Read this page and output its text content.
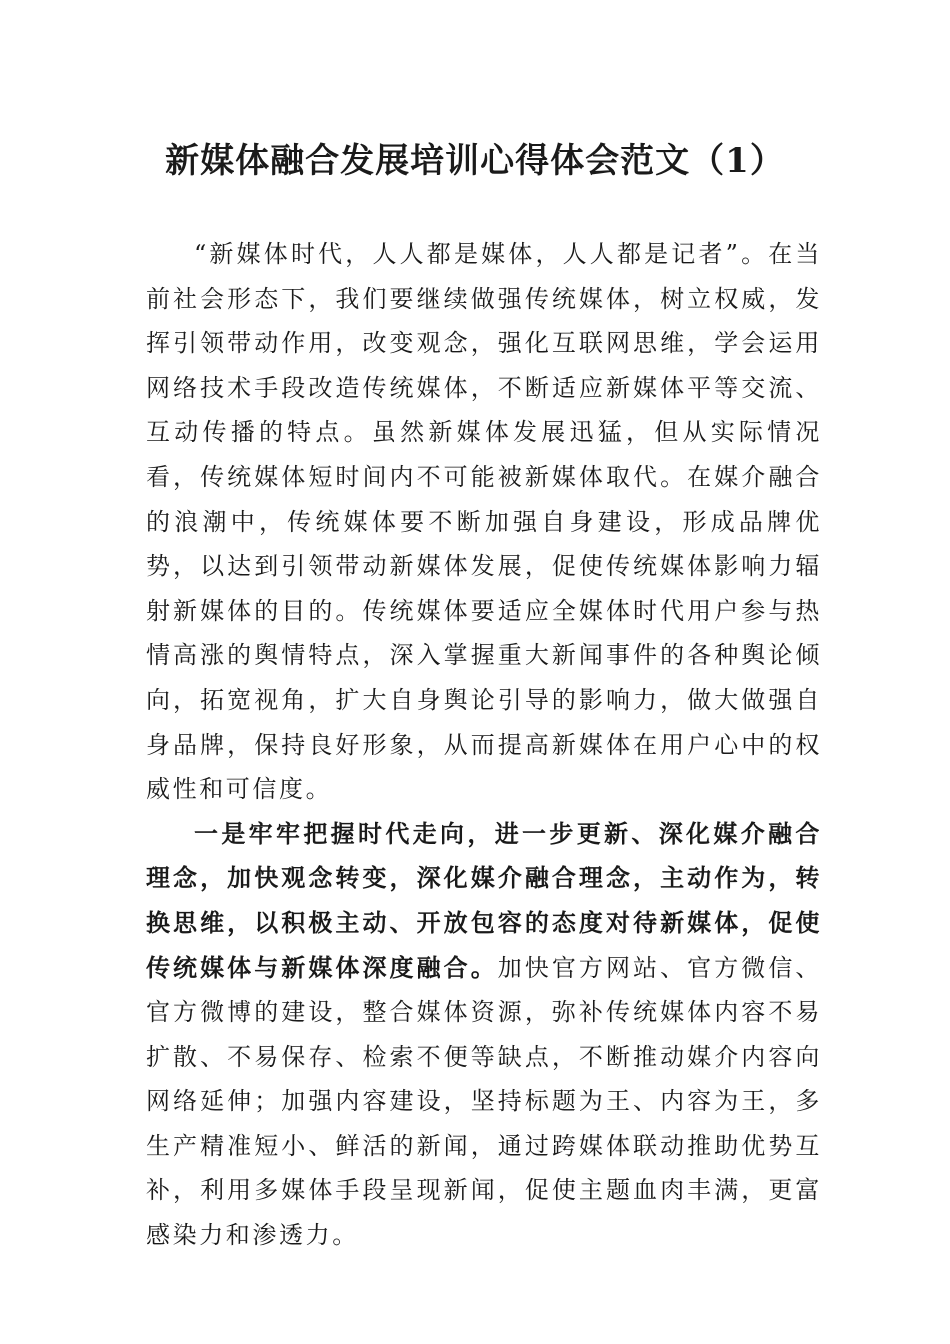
新媒体融合发展培训心得体会范文（1）

“新媒体时代，人人都是媒体，人人都是记者”。在当前社会形态下，我们要继续做强传统媒体，树立权威，发挥引领带动作用，改变观念，强化互联网思维，学会运用网络技术手段改造传统媒体，不断适应新媒体平等交流、互动传播的特点。虽然新媒体发展迅猛，但从实际情况看，传统媒体短时间内不可能被新媒体取代。在媒介融合的浪潮中，传统媒体要不断加强自身建设，形成品牌优势，以达到引领带动新媒体发展，促使传统媒体影响力辐射新媒体的目的。传统媒体要适应全媒体时代用户参与热情高涨的舆情特点，深入掌握重大新闻事件的各种舆论倾向，拓宽视角，扩大自身舆论引导的影响力，做大做强自身品牌，保持良好形象，从而提高新媒体在用户心中的权威性和可信度。

一是牢牢把握时代走向，进一步更新、深化媒介融合理念，加快观念转变，深化媒介融合理念，主动作为，转换思维，以积极主动、开放包容的态度对待新媒体，促使传统媒体与新媒体深度融合。加快官方网站、官方微信、官方微博的建设，整合媒体资源，弥补传统媒体内容不易扩散、不易保存、检索不便等缺点，不断推动媒介内容向网络延伸；加强内容建设，坚持标题为王、内容为王，多生产精准短小、鲜活的新闻，通过跨媒体联动推助优势互补，利用多媒体手段呈现新闻，促使主题血肉丰满，更富感染力和渗透力。
